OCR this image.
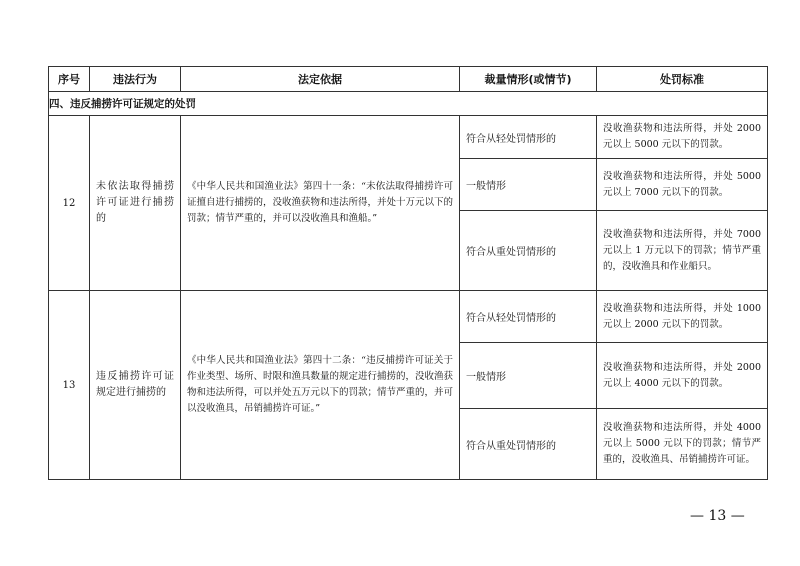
序号	违法行为	法定依据	裁量情形(或情节)	处罚标准
四、违反捕捞许可证规定的处罚				
12	未依法取得捕捞许可证进行捕捞的	《中华人民共和国渔业法》第四十一条：“未依法取得捕捞许可证擅自进行捕捞的，没收渔获物和违法所得，并处十万元以下的罚款；情节严重的，并可以没收渔具和渔船。”	符合从轻处罚情形的	没收渔获物和违法所得，并处 2000 元以上 5000 元以下的罚款。
			一般情形	没收渔获物和违法所得，并处 5000 元以上 7000 元以下的罚款。
			符合从重处罚情形的	没收渔获物和违法所得，并处 7000 元以上 1 万元以下的罚款；情节严重的，没收渔具和作业船只。
13	违反捕捞许可证规定进行捕捞的	《中华人民共和国渔业法》第四十二条：“违反捕捞许可证关于作业类型、场所、时限和渔具数量的规定进行捕捞的，没收渔获物和违法所得，可以并处五万元以下的罚款；情节严重的，并可以没收渔具，吊销捕捞许可证。”	符合从轻处罚情形的	没收渔获物和违法所得，并处 1000 元以上 2000 元以下的罚款。
			一般情形	没收渔获物和违法所得，并处 2000 元以上 4000 元以下的罚款。
			符合从重处罚情形的	没收渔获物和违法所得，并处 4000 元以上 5000 元以下的罚款；情节严重的，没收渔具、吊销捕捞许可证。
— 13 —
